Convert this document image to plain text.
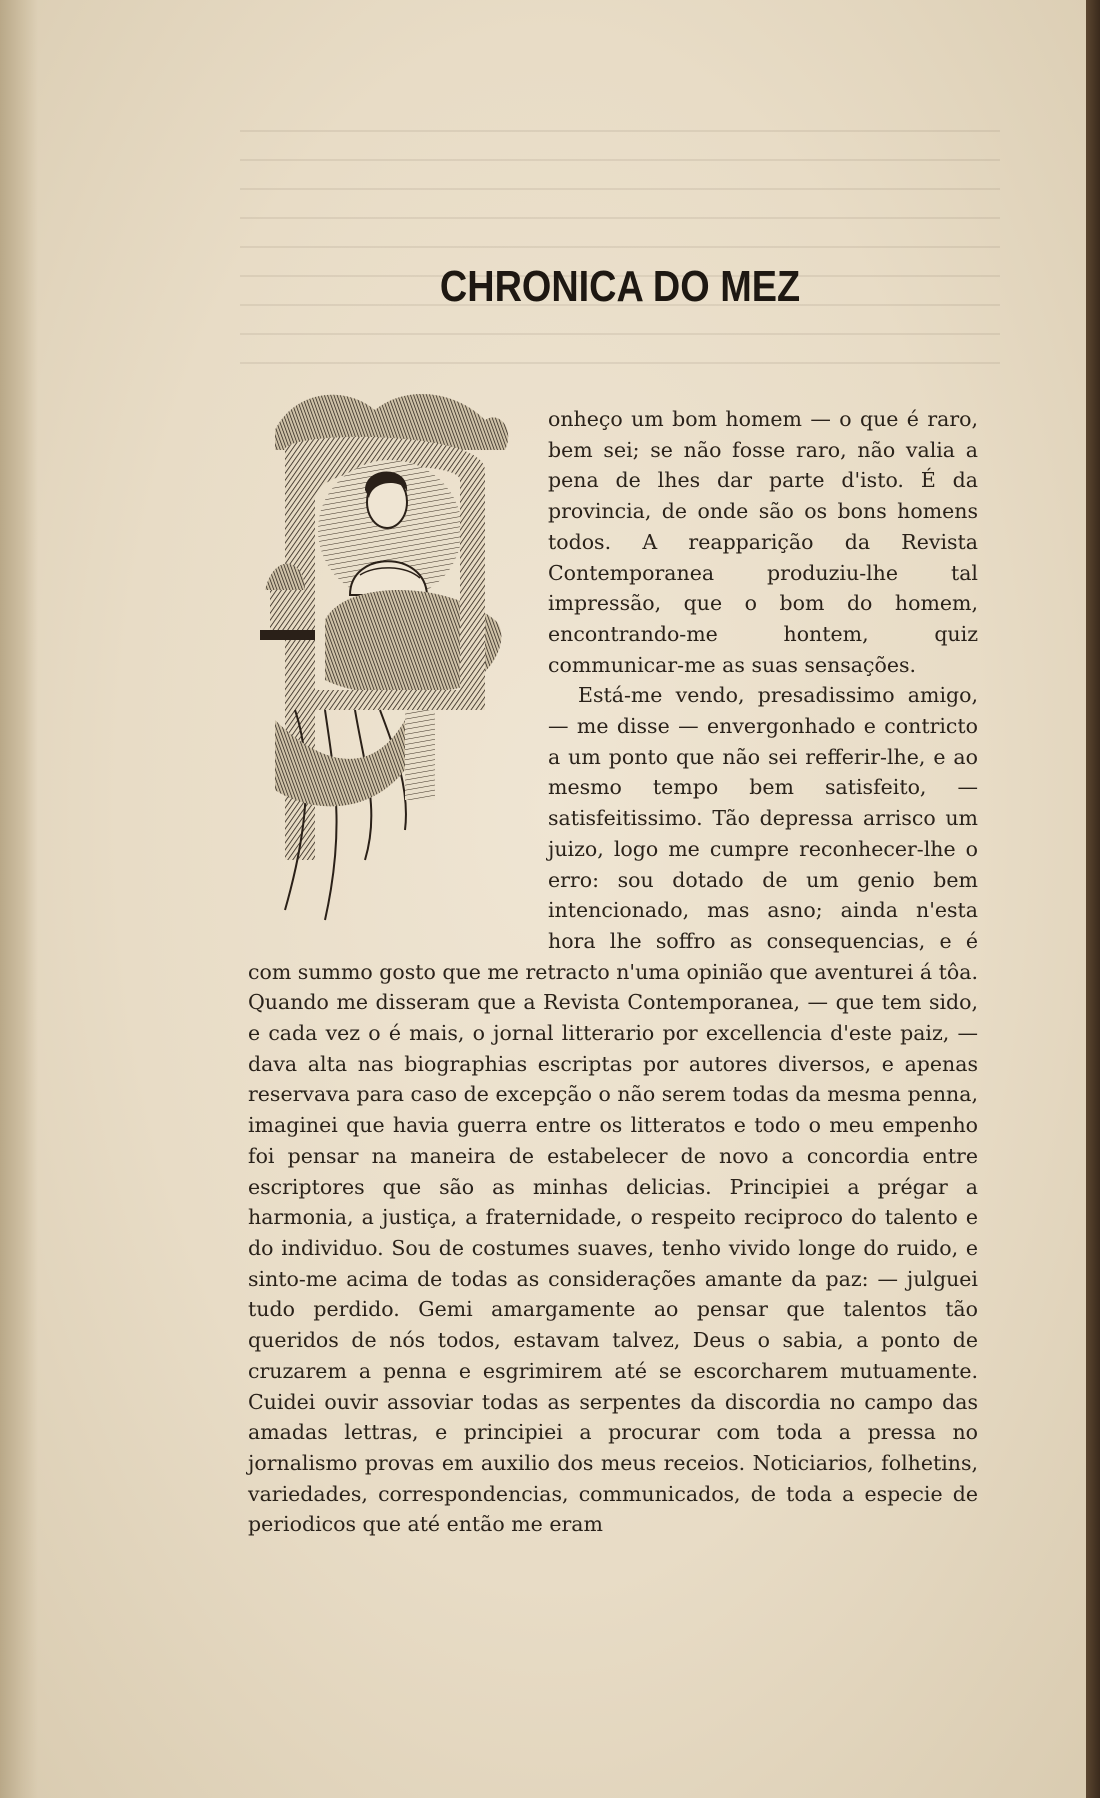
CHRONICA DO MEZ

onheço um bom homem — o que é raro, bem sei; se não fosse raro, não valia a pena de lhes dar parte d'isto. É da provincia, de onde são os bons homens todos. A reapparição da Revista Contemporanea produziu-lhe tal impressão, que o bom do homem, encontrando-me hontem, quiz communicar-me as suas sensações.

Está-me vendo, presadissimo amigo, — me disse — envergonhado e contricto a um ponto que não sei refferir-lhe, e ao mesmo tempo bem satisfeito, — satisfeitissimo. Tão depressa arrisco um juizo, logo me cumpre reconhecer-lhe o erro: sou dotado de um genio bem intencionado, mas asno; ainda n'esta hora lhe soffro as consequencias, e é com summo gosto que me retracto n'uma opinião que aventurei á tôa. Quando me disseram que a Revista Contemporanea, — que tem sido, e cada vez o é mais, o jornal litterario por excellencia d'este paiz, — dava alta nas biographias escriptas por autores diversos, e apenas reservava para caso de excepção o não serem todas da mesma penna, imaginei que havia guerra entre os litteratos e todo o meu empenho foi pensar na maneira de estabelecer de novo a concordia entre escriptores que são as minhas delicias. Principiei a prégar a harmonia, a justiça, a fraternidade, o respeito reciproco do talento e do individuo. Sou de costumes suaves, tenho vivido longe do ruido, e sinto-me acima de todas as considerações amante da paz: — julguei tudo perdido. Gemi amargamente ao pensar que talentos tão queridos de nós todos, estavam talvez, Deus o sabia, a ponto de cruzarem a penna e esgrimirem até se escorcharem mutuamente. Cuidei ouvir assoviar todas as serpentes da discordia no campo das amadas lettras, e principiei a procurar com toda a pressa no jornalismo provas em auxilio dos meus receios. Noticiarios, folhetins, variedades, correspondencias, communicados, de toda a especie de periodicos que até então me eram
